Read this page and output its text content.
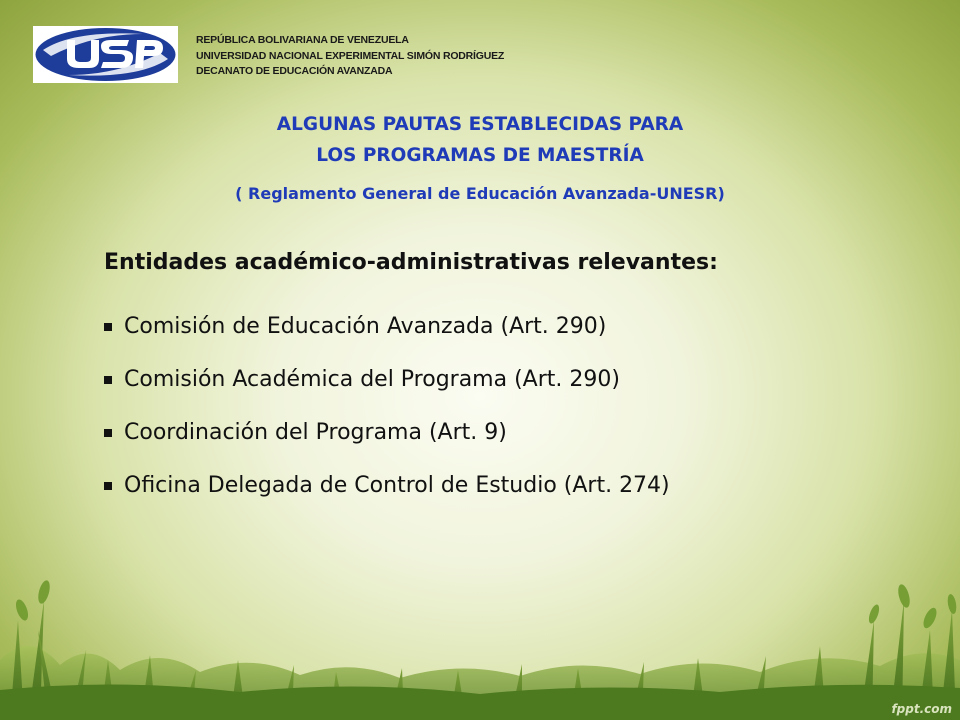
REPÚBLICA BOLIVARIANA DE VENEZUELA
UNIVERSIDAD NACIONAL EXPERIMENTAL SIMÓN RODRÍGUEZ
DECANATO DE EDUCACIÓN AVANZADA
ALGUNAS PAUTAS ESTABLECIDAS PARA
LOS PROGRAMAS DE MAESTRÍA
( Reglamento General de Educación Avanzada-UNESR)
Entidades académico-administrativas relevantes:
Comisión de Educación Avanzada (Art. 290)
Comisión Académica del Programa (Art. 290)
Coordinación del Programa (Art. 9)
Oficina Delegada de Control de Estudio (Art. 274)
fppt.com
